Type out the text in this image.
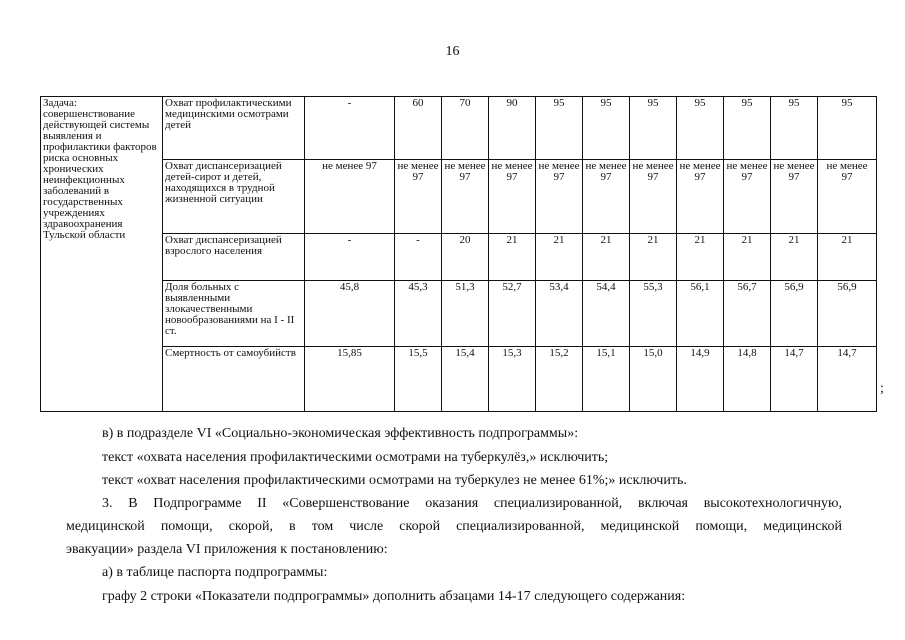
16
Задача: совершенствование действующей системы выявления и профилактики факторов риска основных хронических неинфекционных заболеваний в государственных учреждениях здравоохранения Тульской области	Охват профилактическими медицинскими осмотрами детей	-	60	70	90	95	95	95	95	95	95	95
	Охват диспансеризацией детей-сирот и детей, находящихся в трудной жизненной ситуации	не менее 97	не менее 97	не менее 97	не менее 97	не менее 97	не менее 97	не менее 97	не менее 97	не менее 97	не менее 97	не менее 97
	Охват диспансеризацией взрослого населения	-	-	20	21	21	21	21	21	21	21	21
	Доля больных с выявленными злокачественными новообразованиями на I - II ст.	45,8	45,3	51,3	52,7	53,4	54,4	55,3	56,1	56,7	56,9	56,9
	Смертность от самоубийств	15,85	15,5	15,4	15,3	15,2	15,1	15,0	14,9	14,8	14,7	14,7
;

в) в подразделе VI «Социально-экономическая эффективность подпрограммы»:

текст «охвата населения профилактическими осмотрами на туберкулёз,» исключить;

текст «охват населения профилактическими осмотрами на туберкулез не менее 61%;» исключить.

3. В Подпрограмме II «Совершенствование оказания специализированной, включая высокотехнологичную,

медицинской помощи, скорой, в том числе скорой специализированной, медицинской помощи, медицинской

эвакуации» раздела VI приложения к постановлению:

а) в таблице паспорта подпрограммы:

графу 2 строки «Показатели подпрограммы» дополнить абзацами 14-17 следующего содержания:
